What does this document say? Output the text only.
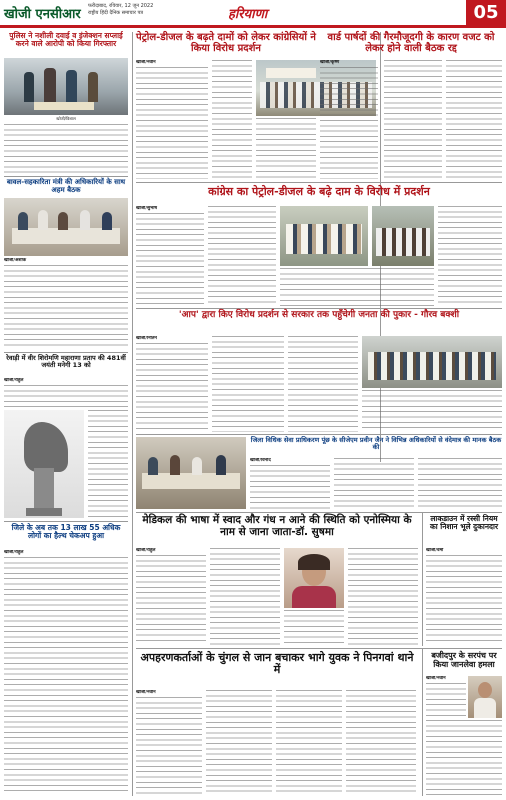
खोजी एनसीआर
फरीदाबाद, रविवार, 12 जून 2022
राष्ट्रीय हिंदी दैनिक समाचार पत्र	हरियाणा	05
पुलिस ने नशीली दवाई व इंजेक्शन सप्लाई करने वाले आरोपी को किया गिरफ्तार
खोजी/विशाल
बावल-सहकारिता मंत्री की अधिकारियों के साथ अहम बैठक
खोजी/अशोक
रेवाड़ी में वीर शिरोमणि महाराणा प्रताप की 481वीं जयंती मनेगी 13 को
खोजी/राहुल
जिले के अब तक 13 लाख 55 अधिक लोगों का हैल्थ चेकअप हुआ
खोजी/राहुल
पेट्रोल-डीजल के बढ़ते दामों को लेकर कांग्रेसियों ने किया विरोध प्रदर्शन
खोजी/नवीन
वार्ड पार्षदों की गैरमौजूदगी के कारण वजट को लेकर होने वाली बैठक रद्द
खोजी/कृष्ण
कांग्रेस का पेट्रोल-डीजल के बढ़े दाम के विरोध में प्रदर्शन
खोजी/सुभाष
'आप' द्वारा किए विरोध प्रदर्शन से सरकार तक पहुँचेगी जनता की पुकार - गौरव बक्शी
खोजी/नितिन
जिला विधिक सेवा प्राधिकरण पूंछ के सीजेएम प्रवीन जैन ने विभिन्न अधिकारियों से वंदेमात्र की मानक बैठक की
खोजी/विनोद
मेडिकल की भाषा में स्वाद और गंध न आने की स्थिति को एनोस्मिया के नाम से जाना जाता-डॉ. सुषमा
खोजी/राहुल
लाकडाउन में रस्सी नियम का निशान भूले दुकानदार
खोजी/वर्मा
अपहरणकर्ताओं के चुंगल से जान बचाकर भागे युवक ने पिनगवां थाने में
खोजी/नवीन
बजीदपुर के सरपंच पर किया जानलेवा हमला
खोजी/नवीन
